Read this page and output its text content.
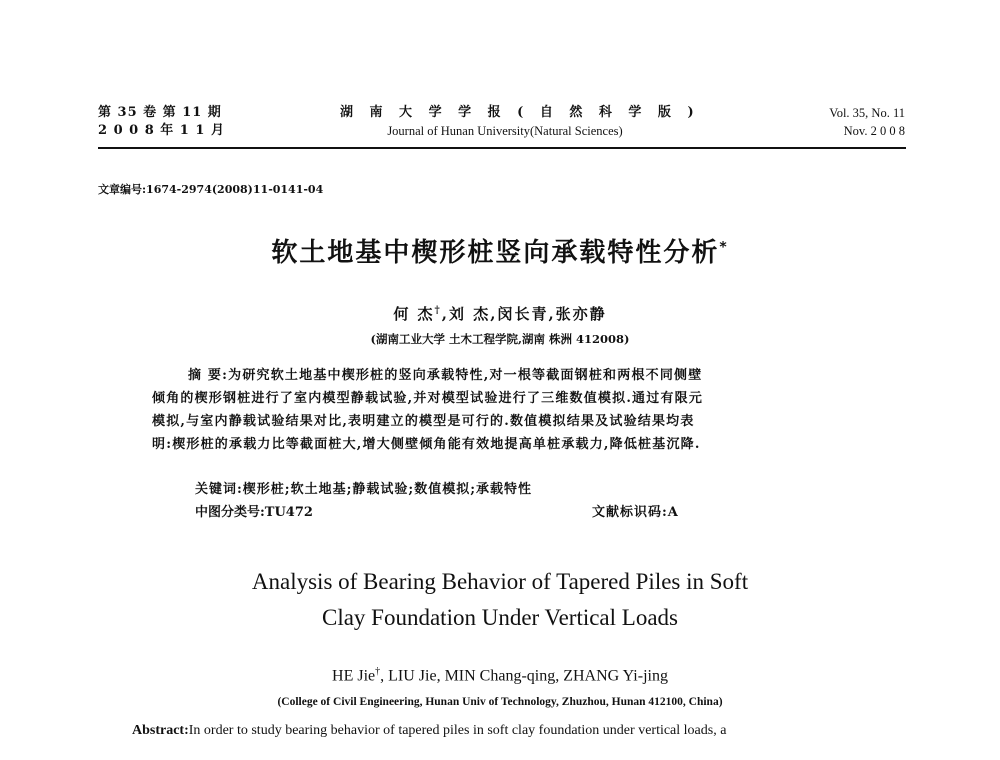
第 35 卷 第 11 期
2 0 0 8 年 1 1 月
湖 南 大 学 学 报 ( 自 然 科 学 版 )
Journal of Hunan University(Natural Sciences)
Vol. 35, No. 11
Nov. 2 0 0 8
文章编号:1674-2974(2008)11-0141-04
软土地基中楔形桩竖向承载特性分析*
何 杰†,刘 杰,闵长青,张亦静
(湖南工业大学 土木工程学院,湖南 株洲 412008)
摘 要:为研究软土地基中楔形桩的竖向承载特性,对一根等截面钢桩和两根不同侧壁
倾角的楔形钢桩进行了室内模型静载试验,并对模型试验进行了三维数值模拟.通过有限元
模拟,与室内静载试验结果对比,表明建立的模型是可行的.数值模拟结果及试验结果均表
明:楔形桩的承载力比等截面桩大,增大侧壁倾角能有效地提高单桩承载力,降低桩基沉降.
关键词:楔形桩;软土地基;静载试验;数值模拟;承载特性
中图分类号:TU472	文献标识码:A
Analysis of Bearing Behavior of Tapered Piles in Soft
Clay Foundation Under Vertical Loads
HE Jie†, LIU Jie, MIN Chang-qing, ZHANG Yi-jing
(College of Civil Engineering, Hunan Univ of Technology, Zhuzhou, Hunan 412100, China)
Abstract:In order to study bearing behavior of tapered piles in soft clay foundation under vertical loads, a
